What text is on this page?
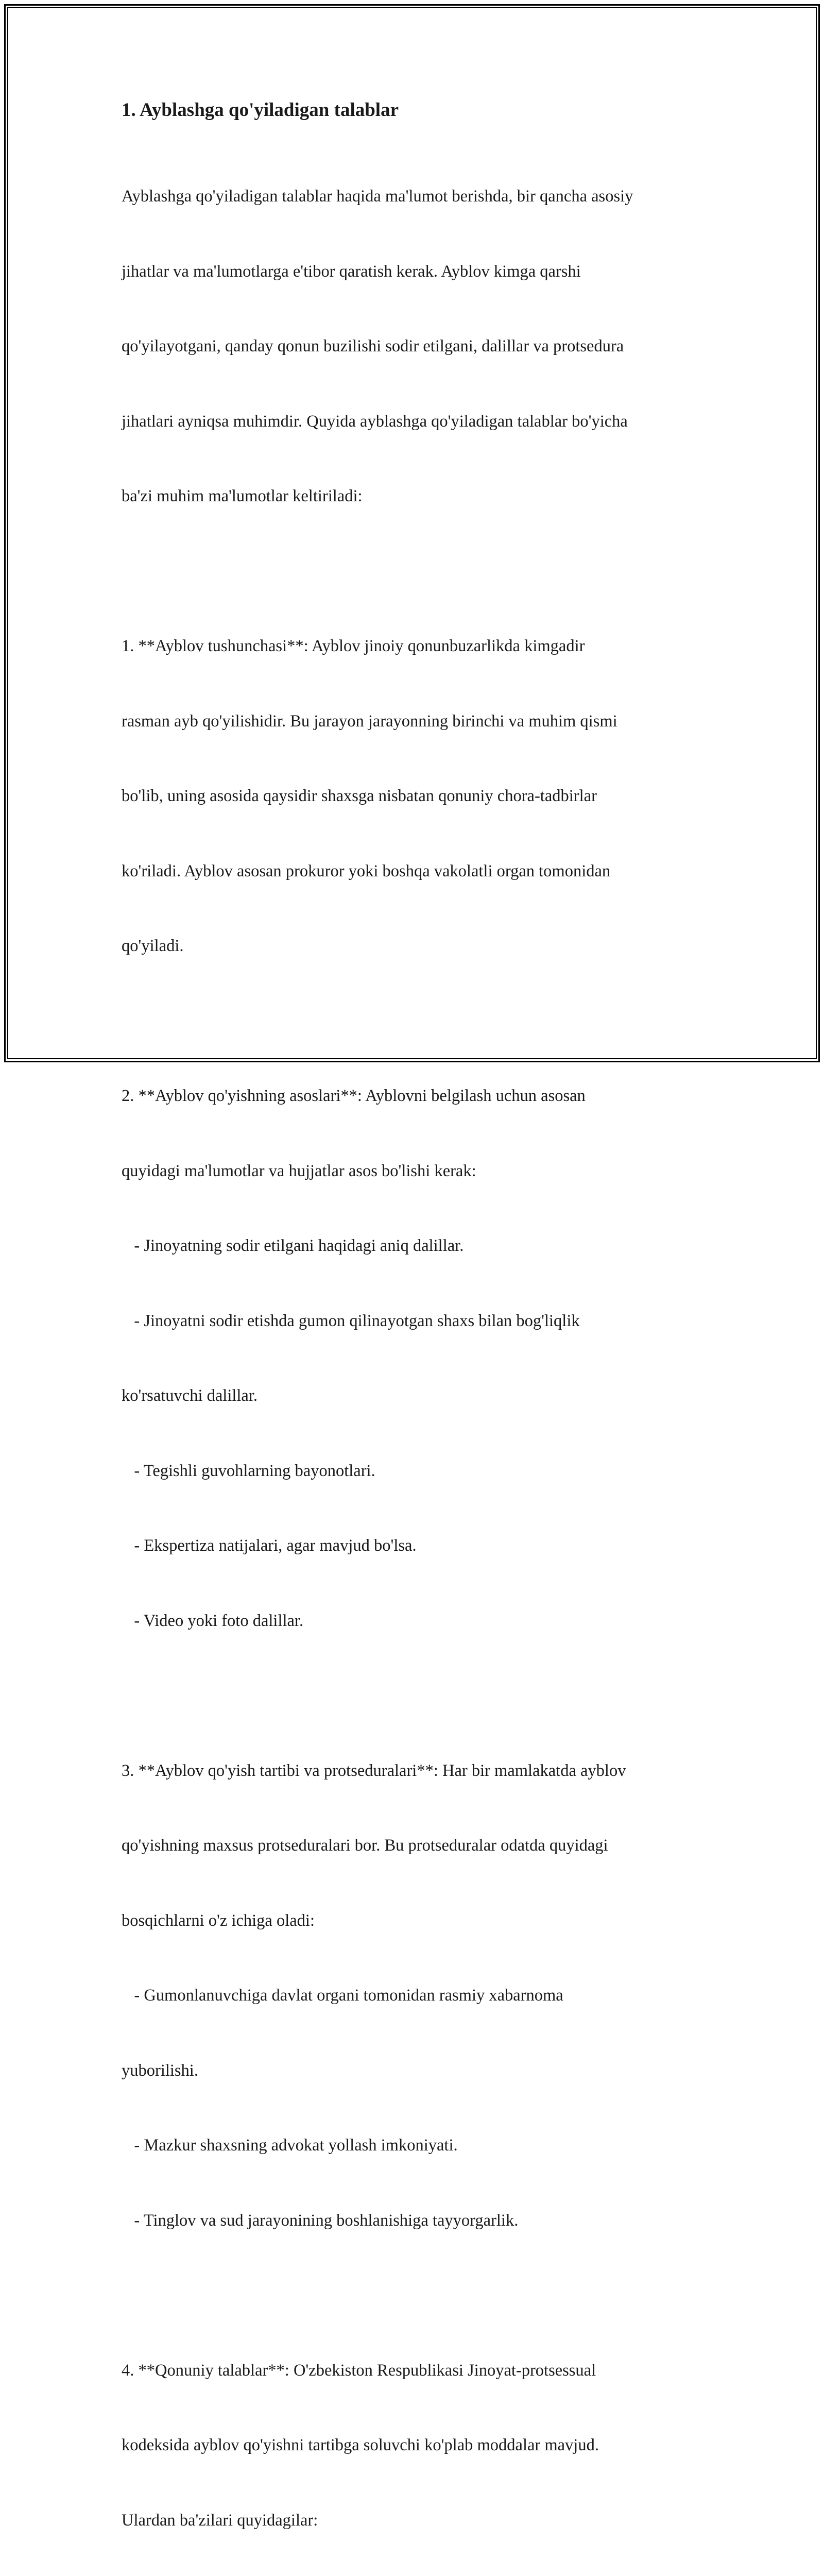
1. Ayblashga qo'yiladigan talablar

Ayblashga qo'yiladigan talablar haqida ma'lumot berishda, bir qancha asosiy

jihatlar va ma'lumotlarga e'tibor qaratish kerak. Ayblov kimga qarshi

qo'yilayotgani, qanday qonun buzilishi sodir etilgani, dalillar va protsedura

jihatlari ayniqsa muhimdir. Quyida ayblashga qo'yiladigan talablar bo'yicha

ba'zi muhim ma'lumotlar keltiriladi:

1. **Ayblov tushunchasi**: Ayblov jinoiy qonunbuzarlikda kimgadir

rasman ayb qo'yilishidir. Bu jarayon jarayonning birinchi va muhim qismi

bo'lib, uning asosida qaysidir shaxsga nisbatan qonuniy chora-tadbirlar

ko'riladi. Ayblov asosan prokuror yoki boshqa vakolatli organ tomonidan

qo'yiladi.

2. **Ayblov qo'yishning asoslari**: Ayblovni belgilash uchun asosan

quyidagi ma'lumotlar va hujjatlar asos bo'lishi kerak:

- Jinoyatning sodir etilgani haqidagi aniq dalillar.

- Jinoyatni sodir etishda gumon qilinayotgan shaxs bilan bog'liqlik

ko'rsatuvchi dalillar.

- Tegishli guvohlarning bayonotlari.

- Ekspertiza natijalari, agar mavjud bo'lsa.

- Video yoki foto dalillar.

3. **Ayblov qo'yish tartibi va protseduralari**: Har bir mamlakatda ayblov

qo'yishning maxsus protseduralari bor. Bu protseduralar odatda quyidagi

bosqichlarni o'z ichiga oladi:

- Gumonlanuvchiga davlat organi tomonidan rasmiy xabarnoma

yuborilishi.

- Mazkur shaxsning advokat yollash imkoniyati.

- Tinglov va sud jarayonining boshlanishiga tayyorgarlik.

4. **Qonuniy talablar**: O'zbekiston Respublikasi Jinoyat-protsessual

kodeksida ayblov qo'yishni tartibga soluvchi ko'plab moddalar mavjud.

Ulardan ba'zilari quyidagilar:
